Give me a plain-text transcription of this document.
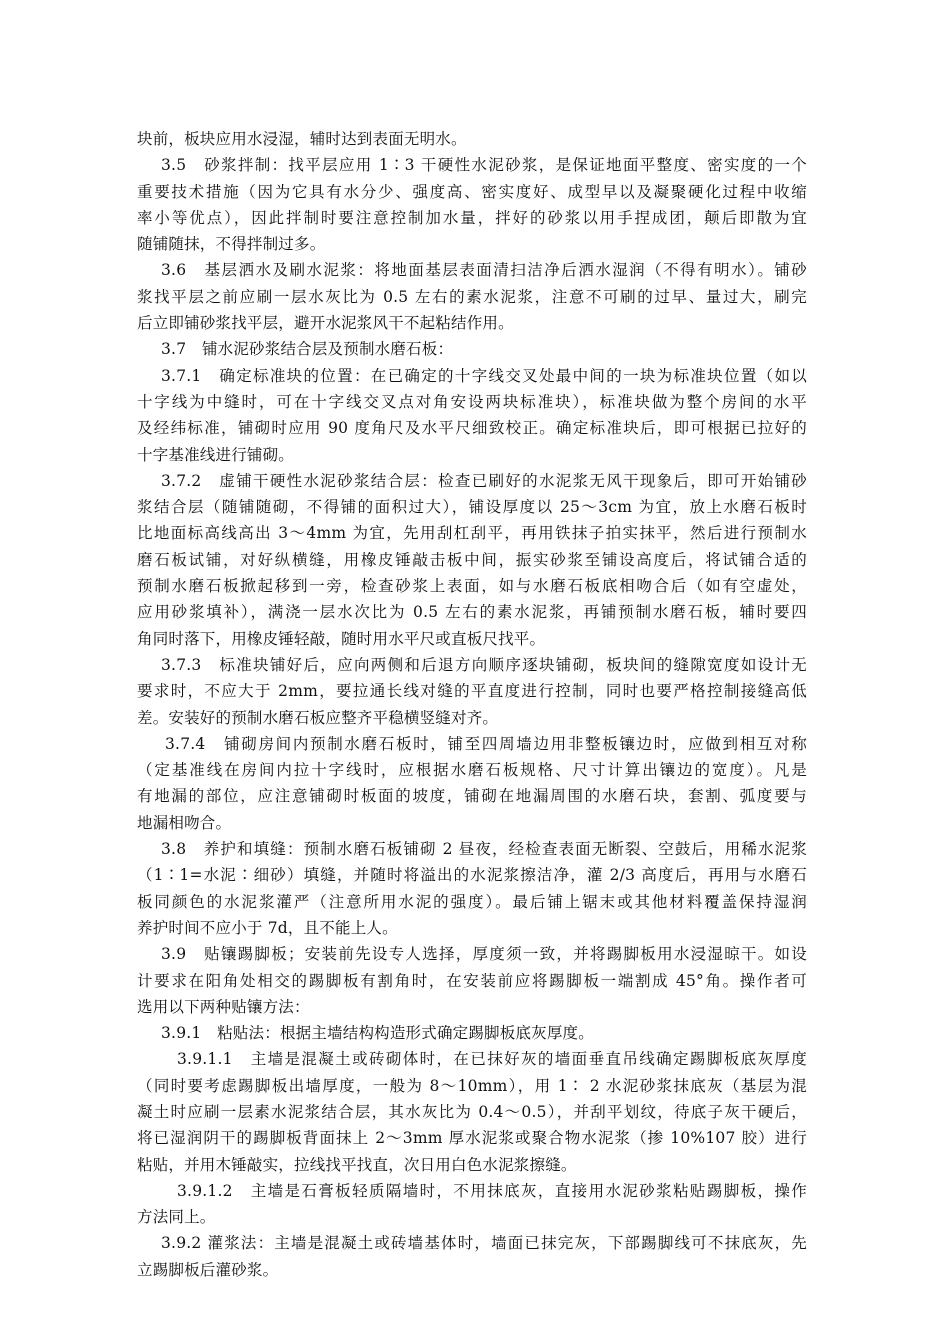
块前，板块应用水浸湿，辅时达到表面无明水。
3.5　砂浆拌制：找平层应用 1∶3 干硬性水泥砂浆，是保证地面平整度、密实度的一个
重要技术措施（因为它具有水分少、强度高、密实度好、成型早以及凝聚硬化过程中收缩
率小等优点），因此拌制时要注意控制加水量，拌好的砂浆以用手捏成团，颠后即散为宜
随铺随抹，不得拌制过多。
3.6　基层洒水及刷水泥浆：将地面基层表面清扫洁净后洒水湿润（不得有明水）。铺砂
浆找平层之前应刷一层水灰比为 0.5 左右的素水泥浆，注意不可刷的过早、量过大，刷完
后立即铺砂浆找平层，避开水泥浆风干不起粘结作用。
3.7　铺水泥砂浆结合层及预制水磨石板：
3.7.1　确定标准块的位置：在已确定的十字线交叉处最中间的一块为标准块位置（如以
十字线为中缝时，可在十字线交叉点对角安设两块标准块），标准块做为整个房间的水平
及经纬标准，铺砌时应用 90 度角尺及水平尺细致校正。确定标准块后，即可根据已拉好的
十字基准线进行铺砌。
3.7.2　虚铺干硬性水泥砂浆结合层：检查已刷好的水泥浆无风干现象后，即可开始铺砂
浆结合层（随铺随砌，不得铺的面积过大），铺设厚度以 25～3cm 为宜，放上水磨石板时
比地面标高线高出 3～4mm 为宜，先用刮杠刮平，再用铁抹子拍实抹平，然后进行预制水
磨石板试铺，对好纵横缝，用橡皮锤敲击板中间，振实砂浆至铺设高度后，将试铺合适的
预制水磨石板掀起移到一旁，检查砂浆上表面，如与水磨石板底相吻合后（如有空虚处，
应用砂浆填补），满浇一层水次比为 0.5 左右的素水泥浆，再铺预制水磨石板，辅时要四
角同时落下，用橡皮锤轻敲，随时用水平尺或直板尺找平。
3.7.3　标准块铺好后，应向两侧和后退方向顺序逐块铺砌，板块间的缝隙宽度如设计无
要求时，不应大于 2mm，要拉通长线对缝的平直度进行控制，同时也要严格控制接缝高低
差。安装好的预制水磨石板应整齐平稳横竖缝对齐。
3.7.4　铺砌房间内预制水磨石板时，铺至四周墙边用非整板镶边时，应做到相互对称
（定基准线在房间内拉十字线时，应根据水磨石板规格、尺寸计算出镶边的宽度）。凡是
有地漏的部位，应注意铺砌时板面的坡度，铺砌在地漏周围的水磨石块，套割、弧度要与
地漏相吻合。
3.8　养护和填缝：预制水磨石板铺砌 2 昼夜，经检查表面无断裂、空鼓后，用稀水泥浆
（1∶1=水泥∶细砂）填缝，并随时将溢出的水泥浆擦洁净，灌 2/3 高度后，再用与水磨石
板同颜色的水泥浆灌严（注意所用水泥的强度）。最后铺上锯末或其他材料覆盖保持湿润
养护时间不应小于 7d，且不能上人。
3.9　贴镶踢脚板；安装前先设专人选择，厚度须一致，并将踢脚板用水浸湿晾干。如设
计要求在阳角处相交的踢脚板有割角时，在安装前应将踢脚板一端割成 45°角。操作者可
选用以下两种贴镶方法：
3.9.1　粘贴法：根据主墙结构构造形式确定踢脚板底灰厚度。
3.9.1.1　主墙是混凝土或砖砌体时，在已抹好灰的墙面垂直吊线确定踢脚板底灰厚度
（同时要考虑踢脚板出墙厚度，一般为 8～10mm），用 1∶ 2 水泥砂浆抹底灰（基层为混
凝土时应刷一层素水泥浆结合层，其水灰比为 0.4～0.5），并刮平划纹，待底子灰干硬后，
将已湿润阴干的踢脚板背面抹上 2～3mm 厚水泥浆或聚合物水泥浆（掺 10%107 胶）进行
粘贴，并用木锤敲实，拉线找平找直，次日用白色水泥浆擦缝。
3.9.1.2　主墙是石膏板轻质隔墙时，不用抹底灰，直接用水泥砂浆粘贴踢脚板，操作
方法同上。
3.9.2 灌浆法：主墙是混凝土或砖墙基体时，墙面已抹完灰，下部踢脚线可不抹底灰，先
立踢脚板后灌砂浆。
